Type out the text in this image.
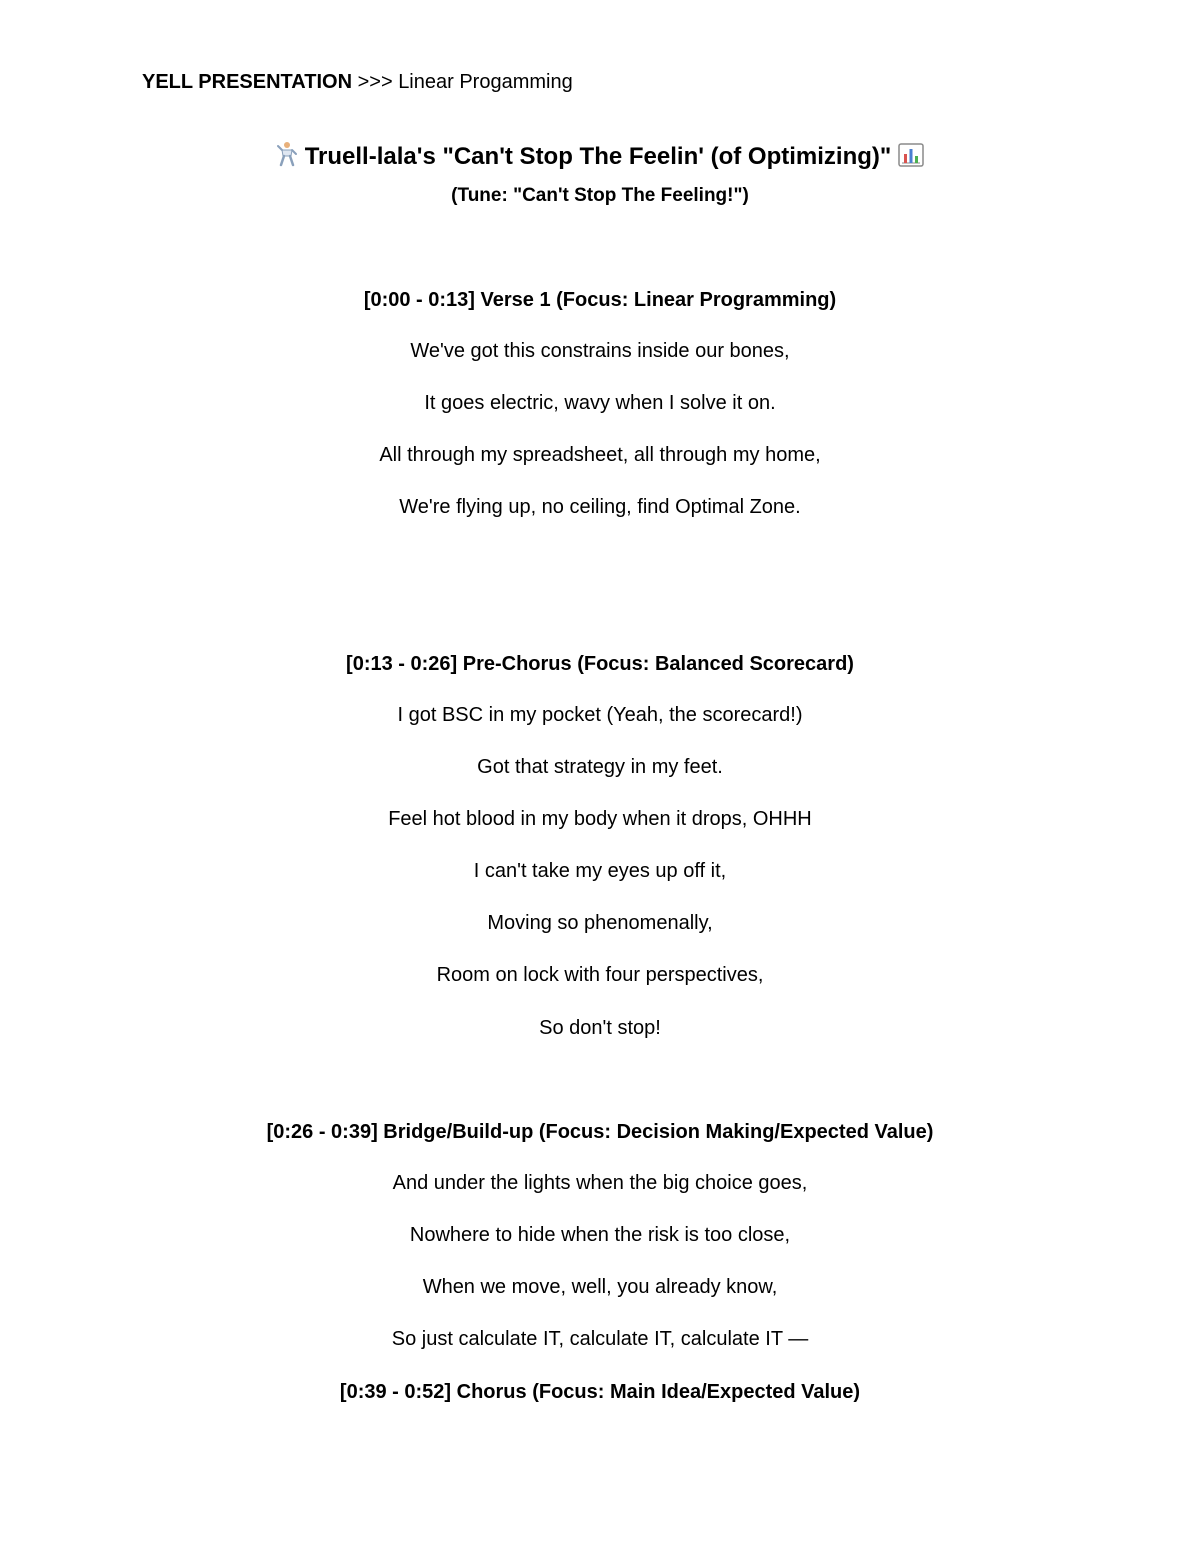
YELL PRESENTATION >>> Linear Progamming
Truell-lala's "Can't Stop The Feelin' (of Optimizing)"
(Tune: "Can't Stop The Feeling!")
[0:00 - 0:13] Verse 1 (Focus: Linear Programming)
We've got this constrains inside our bones,
It goes electric, wavy when I solve it on.
All through my spreadsheet, all through my home,
We're flying up, no ceiling, find Optimal Zone.
[0:13 - 0:26] Pre-Chorus (Focus: Balanced Scorecard)
I got BSC in my pocket (Yeah, the scorecard!)
Got that strategy in my feet.
Feel hot blood in my body when it drops, OHHH
I can't take my eyes up off it,
Moving so phenomenally,
Room on lock with four perspectives,
So don't stop!
[0:26 - 0:39] Bridge/Build-up (Focus: Decision Making/Expected Value)
And under the lights when the big choice goes,
Nowhere to hide when the risk is too close,
When we move, well, you already know,
So just calculate IT, calculate IT, calculate IT —
[0:39 - 0:52] Chorus (Focus: Main Idea/Expected Value)
